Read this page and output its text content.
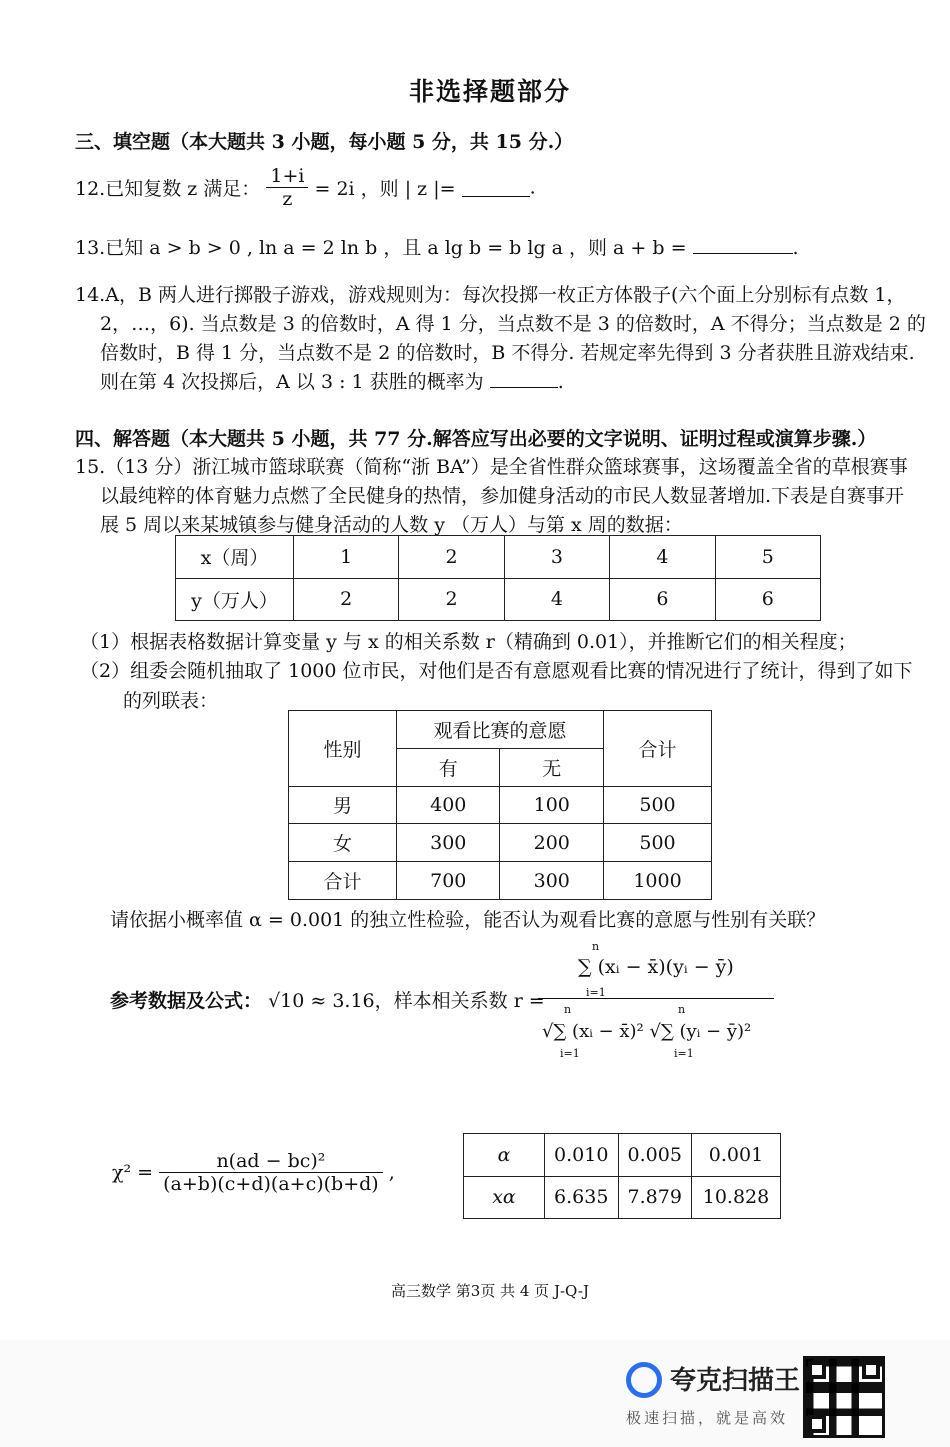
非选择题部分
三、填空题（本大题共 3 小题，每小题 5 分，共 15 分.）
12.已知复数 z 满足： $\frac{1+i}{z} = 2i$ ，则 | z |=	.
13.已知 a > b > 0 , ln a = 2 ln b ，且 a lg b = b lg a ，则 a + b =	.
14.A，B 两人进行掷骰子游戏，游戏规则为：每次投掷一枚正方体骰子(六个面上分别标有点数 1，
2，…，6). 当点数是 3 的倍数时，A 得 1 分，当点数不是 3 的倍数时，A 不得分；当点数是 2 的
倍数时，B 得 1 分，当点数不是 2 的倍数时，B 不得分. 若规定率先得到 3 分者获胜且游戏结束.
则在第 4 次投掷后，A 以 3 : 1 获胜的概率为	.
四、解答题（本大题共 5 小题，共 77 分.解答应写出必要的文字说明、证明过程或演算步骤.）
15.（13 分）浙江城市篮球联赛（简称“浙 BA”）是全省性群众篮球赛事，这场覆盖全省的草根赛事
以最纯粹的体育魅力点燃了全民健身的热情，参加健身活动的市民人数显著增加.下表是自赛事开
展 5 周以来某城镇参与健身活动的人数 y （万人）与第 x 周的数据：
x（周）	1	2	3	4	5
y（万人）	2	2	4	6	6
（1）根据表格数据计算变量 y 与 x 的相关系数 r（精确到 0.01），并推断它们的相关程度；
（2）组委会随机抽取了 1000 位市民，对他们是否有意愿观看比赛的情况进行了统计，得到了如下
的列联表：
性别	观看比赛的意愿		合计
	有	无	
男	400	100	500
女	300	200	500
合计	700	300	1000
请依据小概率值 α = 0.001 的独立性检验，能否认为观看比赛的意愿与性别有关联？
参考数据及公式： √10 ≈ 3.16，样本相关系数 r =
n
i=1
∑ (xᵢ − x̄)(yᵢ − ȳ)
n
i=1
n
i=1
√∑ (xᵢ − x̄)² √∑ (yᵢ − ȳ)²
$\chi^2 = \frac{\text{n(ad − bc)²}}{(a+b)(c+d)(a+c)(b+d)}$ ,
α	0.010	0.005	0.001
xα	6.635	7.879	10.828
高三数学 第3页 共 4 页 J-Q-J
夸克扫描王
极速扫描，就是高效
